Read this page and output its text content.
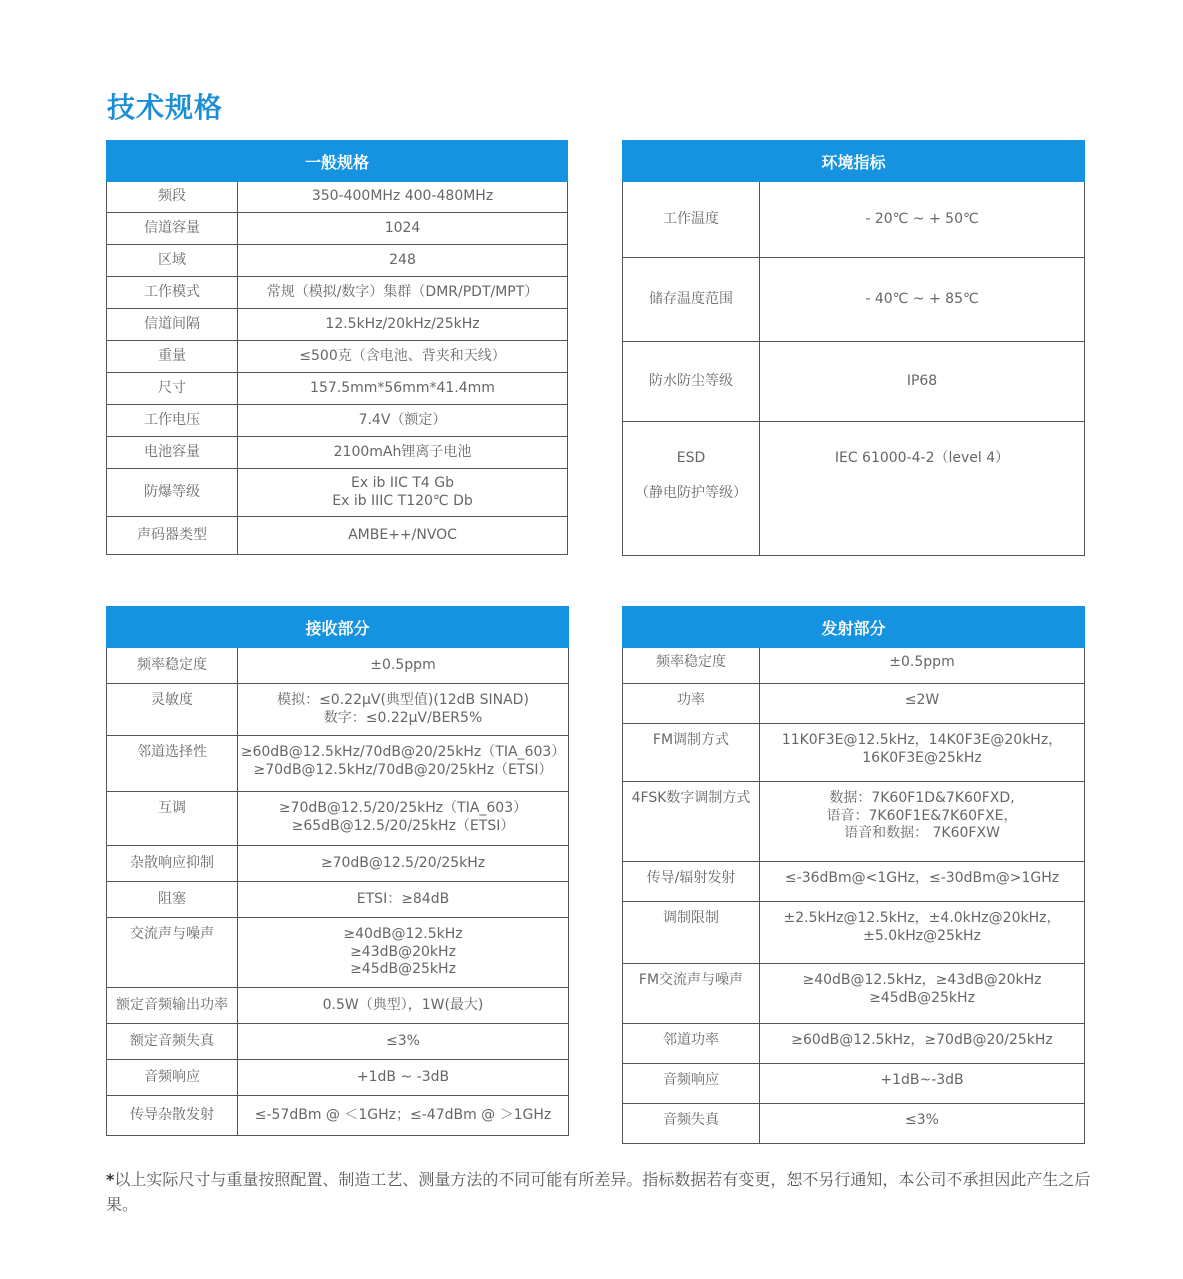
技术规格
一般规格	

频段	350-400MHz 400-480MHz

信道容量	1024

区域	248

工作模式	常规（模拟/数字）集群（DMR/PDT/MPT）

信道间隔	12.5kHz/20kHz/25kHz

重量	≤500克（含电池、背夹和天线）

尺寸	157.5mm*56mm*41.4mm

工作电压	7.4V（额定）

电池容量	2100mAh锂离子电池

防爆等级	Ex ib IIC T4 Gb
Ex ib IIIC T120℃ Db

声码器类型	AMBE++/NVOC
环境指标	

工作温度	- 20℃ ~ + 50℃

储存温度范围	- 40℃ ~ + 85℃

防水防尘等级	IP68

ESD

（静电防护等级）	IEC 61000-4-2（level 4）
接收部分	

频率稳定度	±0.5ppm

灵敏度	模拟：≤0.22μV(典型值)(12dB SINAD)
数字：≤0.22μV/BER5%

邻道选择性	≥60dB@12.5kHz/70dB@20/25kHz（TIA_603）
≥70dB@12.5kHz/70dB@20/25kHz（ETSI）

互调	≥70dB@12.5/20/25kHz（TIA_603）
≥65dB@12.5/20/25kHz（ETSI）

杂散响应抑制	≥70dB@12.5/20/25kHz

阻塞	ETSI：≥84dB

交流声与噪声	≥40dB@12.5kHz
≥43dB@20kHz
≥45dB@25kHz

额定音频输出功率	0.5W（典型），1W(最大)

额定音频失真	≤3%

音频响应	+1dB ~ -3dB

传导杂散发射	≤-57dBm @ ＜1GHz；≤-47dBm @ ＞1GHz
发射部分	

频率稳定度	±0.5ppm

功率	≤2W

FM调制方式	11K0F3E@12.5kHz，14K0F3E@20kHz，
16K0F3E@25kHz

4FSK数字调制方式	数据：7K60F1D&7K60FXD,
语音：7K60F1E&7K60FXE，
语音和数据： 7K60FXW

传导/辐射发射	≤-36dBm@<1GHz，≤-30dBm@>1GHz

调制限制	±2.5kHz@12.5kHz，±4.0kHz@20kHz，
±5.0kHz@25kHz

FM交流声与噪声	≥40dB@12.5kHz，≥43dB@20kHz
≥45dB@25kHz

邻道功率	≥60dB@12.5kHz，≥70dB@20/25kHz

音频响应	+1dB~-3dB

音频失真	≤3%
*以上实际尺寸与重量按照配置、制造工艺、测量方法的不同可能有所差异。指标数据若有变更，恕不另行通知，本公司不承担因此产生之后果。
